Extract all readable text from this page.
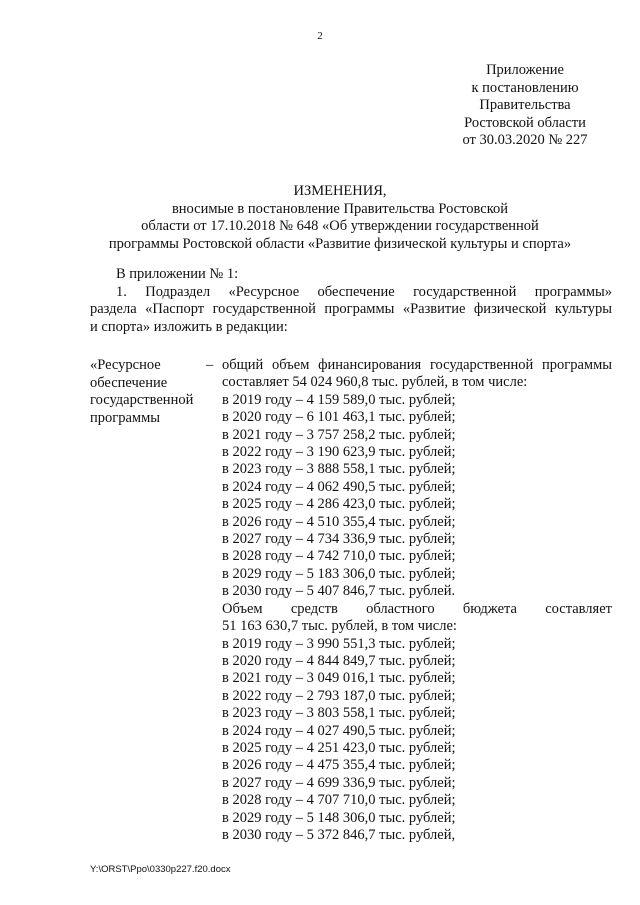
2
Приложение
к постановлению
Правительства
Ростовской области
от 30.03.2020 № 227
ИЗМЕНЕНИЯ,
вносимые в постановление Правительства Ростовской
области от 17.10.2018 № 648 «Об утверждении государственной
программы Ростовской области «Развитие физической культуры и спорта»

В приложении № 1:

1. Подраздел «Ресурсное обеспечение государственной программы»

раздела «Паспорт государственной программы «Развитие физической культуры

и спорта» изложить в редакции:

«Ресурсное
обеспечение
государственной
программы
– общий объем финансирования государственной программы
составляет 54 024 960,8 тыс. рублей, в том числе:
в 2019 году – 4 159 589,0 тыс. рублей;
в 2020 году – 6 101 463,1 тыс. рублей;
в 2021 году – 3 757 258,2 тыс. рублей;
в 2022 году – 3 190 623,9 тыс. рублей;
в 2023 году – 3 888 558,1 тыс. рублей;
в 2024 году – 4 062 490,5 тыс. рублей;
в 2025 году – 4 286 423,0 тыс. рублей;
в 2026 году – 4 510 355,4 тыс. рублей;
в 2027 году – 4 734 336,9 тыс. рублей;
в 2028 году – 4 742 710,0 тыс. рублей;
в 2029 году – 5 183 306,0 тыс. рублей;
в 2030 году – 5 407 846,7 тыс. рублей.
Объем средств областного бюджета составляет
51 163 630,7 тыс. рублей, в том числе:
в 2019 году – 3 990 551,3 тыс. рублей;
в 2020 году – 4 844 849,7 тыс. рублей;
в 2021 году – 3 049 016,1 тыс. рублей;
в 2022 году – 2 793 187,0 тыс. рублей;
в 2023 году – 3 803 558,1 тыс. рублей;
в 2024 году – 4 027 490,5 тыс. рублей;
в 2025 году – 4 251 423,0 тыс. рублей;
в 2026 году – 4 475 355,4 тыс. рублей;
в 2027 году – 4 699 336,9 тыс. рублей;
в 2028 году – 4 707 710,0 тыс. рублей;
в 2029 году – 5 148 306,0 тыс. рублей;
в 2030 году – 5 372 846,7 тыс. рублей,
Y:\ORST\Ppo\0330p227.f20.docx
